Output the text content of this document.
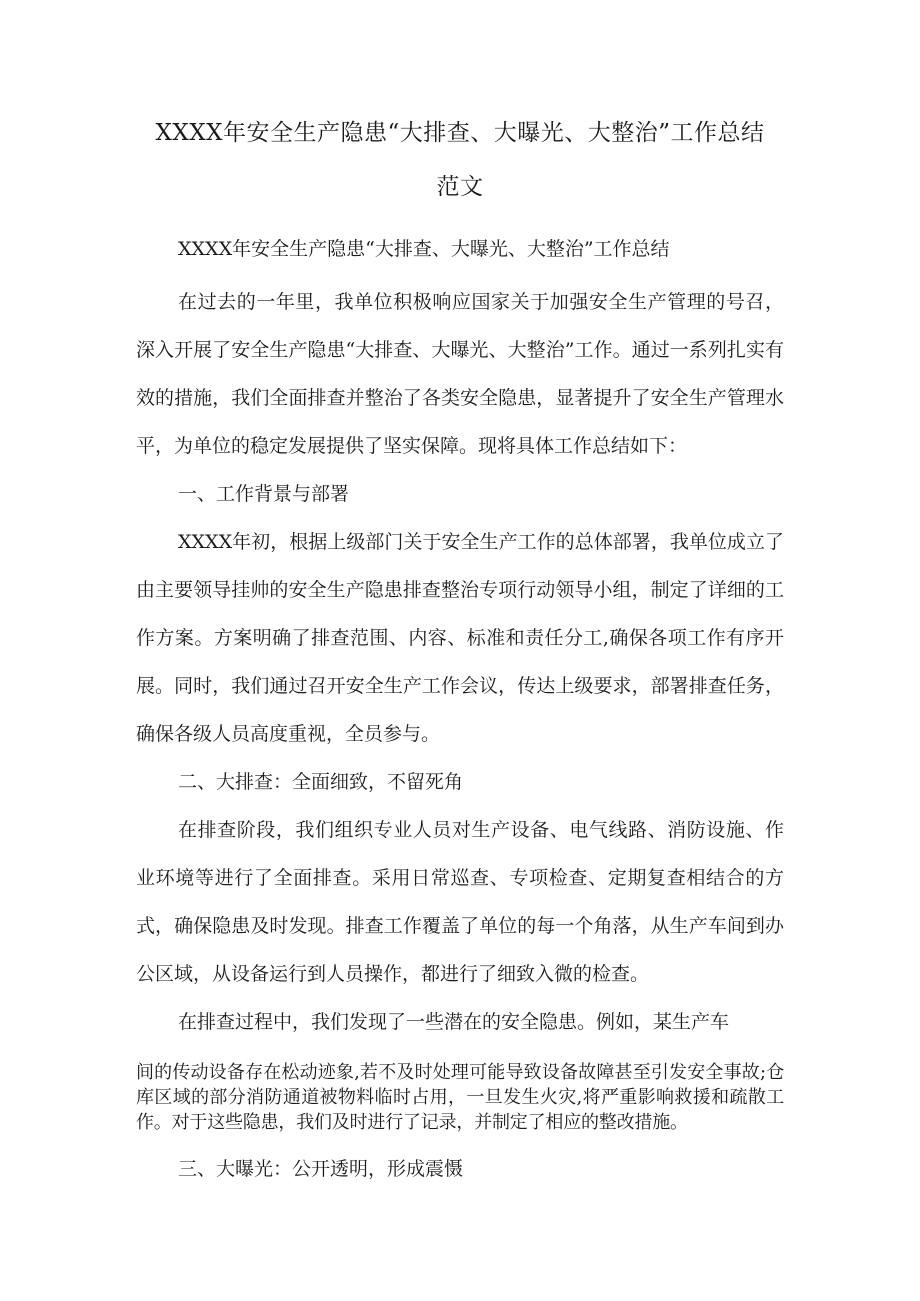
XXXX年安全生产隐患“大排查、大曝光、大整治”工作总结
范文

XXXX年安全生产隐患“大排查、大曝光、大整治”工作总结

在过去的一年里，我单位积极响应国家关于加强安全生产管理的号召，深入开展了安全生产隐患“大排查、大曝光、大整治”工作。通过一系列扎实有效的措施，我们全面排查并整治了各类安全隐患，显著提升了安全生产管理水平，为单位的稳定发展提供了坚实保障。现将具体工作总结如下：

一、工作背景与部署

XXXX年初，根据上级部门关于安全生产工作的总体部署，我单位成立了由主要领导挂帅的安全生产隐患排查整治专项行动领导小组，制定了详细的工作方案。方案明确了排查范围、内容、标准和责任分工,确保各项工作有序开展。同时，我们通过召开安全生产工作会议，传达上级要求，部署排查任务，确保各级人员高度重视，全员参与。

二、大排查：全面细致，不留死角

在排查阶段，我们组织专业人员对生产设备、电气线路、消防设施、作业环境等进行了全面排查。采用日常巡查、专项检查、定期复查相结合的方式，确保隐患及时发现。排查工作覆盖了单位的每一个角落，从生产车间到办公区域，从设备运行到人员操作，都进行了细致入微的检查。

在排查过程中，我们发现了一些潜在的安全隐患。例如，某生产车

间的传动设备存在松动迹象,若不及时处理可能导致设备故障甚至引发安全事故;仓库区域的部分消防通道被物料临时占用，一旦发生火灾,将严重影响救援和疏散工作。对于这些隐患，我们及时进行了记录，并制定了相应的整改措施。

三、大曝光：公开透明，形成震慑
